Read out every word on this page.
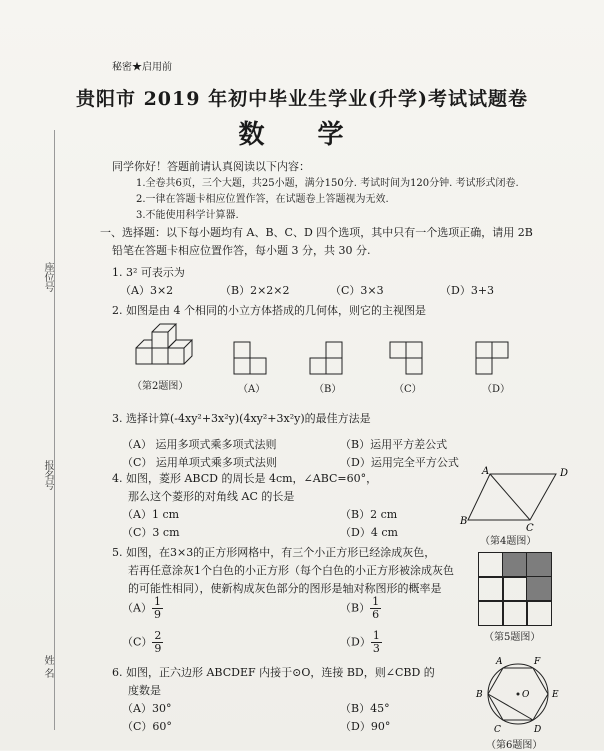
座位号
报名号
姓 名
秘密★启用前
贵阳市 2019 年初中毕业生学业(升学)考试试题卷
数 学
同学你好！答题前请认真阅读以下内容：
1.全卷共6页，三个大题，共25小题，满分150分. 考试时间为120分钟. 考试形式闭卷.
2.一律在答题卡相应位置作答，在试题卷上答题视为无效.
3.不能使用科学计算器.
一、选择题：以下每小题均有 A、B、C、D 四个选项，其中只有一个选项正确，请用 2B
铅笔在答题卡相应位置作答，每小题 3 分，共 30 分.
1. 3² 可表示为
（A）3×2	（B）2×2×2	（C）3×3	（D）3+3
2. 如图是由 4 个相同的小立方体搭成的几何体，则它的主视图是
（第2题图）	（A）	（B）	（C）	（D）
3. 选择计算(-4xy²+3x²y)(4xy²+3x²y)的最佳方法是
（A） 运用多项式乘多项式法则	（B）运用平方差公式
（C） 运用单项式乘多项式法则	（D）运用完全平方公式
4. 如图，菱形 ABCD 的周长是 4cm，∠ABC=60°，
那么这个菱形的对角线 AC 的长是
（A）1 cm	（B）2 cm
（C）3 cm	（D）4 cm
A	D
B
C
（第4题图）
5. 如图，在3×3的正方形网格中，有三个小正方形已经涂成灰色，
若再任意涂灰1个白色的小正方形（每个白色的小正方形被涂成灰色
的可能性相同），使新构成灰色部分的图形是轴对称图形的概率是
$(A) \frac{1}{9}$	$(B) \frac{1}{6}$
$(C) \frac{2}{9}$	$(D) \frac{1}{3}$	（第5题图）
6. 如图，正六边形 ABCDEF 内接于⊙O，连接 BD，则∠CBD 的
度数是
（A）30°	（B）45°
（C）60°	（D）90°
A	F
B	E
C	D
O
（第6题图）
